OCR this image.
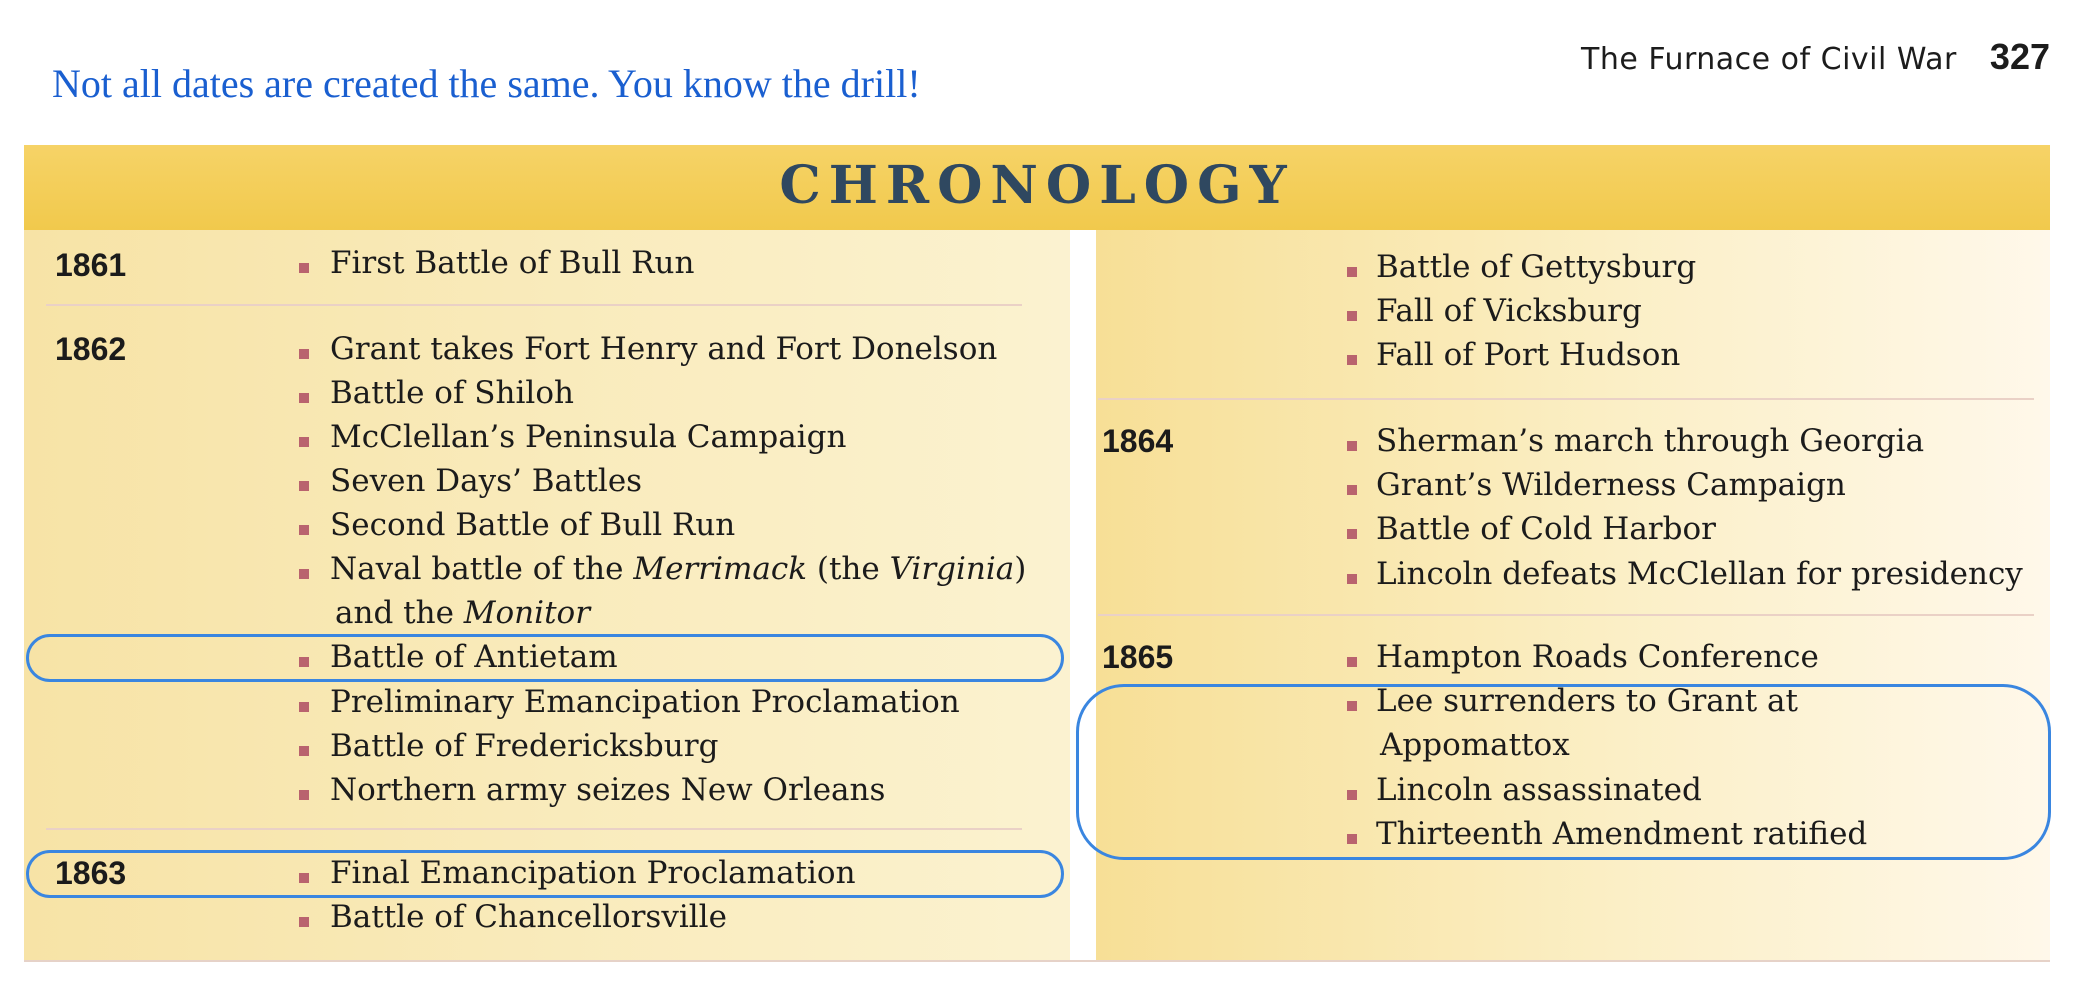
Not all dates are created the same. You know the drill!
The Furnace of Civil War 327
CHRONOLOGY
1861	First Battle of Bull Run
1862	Grant takes Fort Henry and Fort Donelson
Battle of Shiloh
McClellan’s Peninsula Campaign
Seven Days’ Battles
Second Battle of Bull Run
Naval battle of the Merrimack (the Virginia)
and the Monitor
Battle of Antietam
Preliminary Emancipation Proclamation
Battle of Fredericksburg
Northern army seizes New Orleans
1863	Final Emancipation Proclamation
Battle of Chancellorsville
Battle of Gettysburg
Fall of Vicksburg
Fall of Port Hudson
1864	Sherman’s march through Georgia
Grant’s Wilderness Campaign
Battle of Cold Harbor
Lincoln defeats McClellan for presidency
1865	Hampton Roads Conference
Lee surrenders to Grant at
Appomattox
Lincoln assassinated
Thirteenth Amendment ratified
